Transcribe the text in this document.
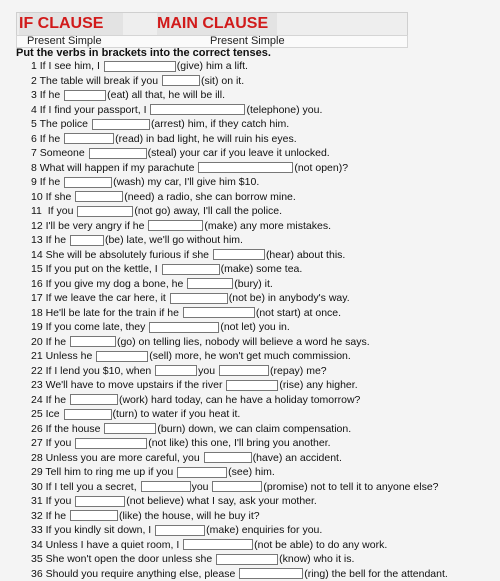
IF CLAUSE	MAIN CLAUSE
Present Simple	Present Simple
Put the verbs in brackets into the correct tenses.
1 If I see him, I	(give) him a lift.
2 The table will break if you	(sit) on it.
3 If he	(eat) all that, he will be ill.
4 If I find your passport, I	(telephone) you.
5 The police	(arrest) him, if they catch him.
6 If he	(read) in bad light, he will ruin his eyes.
7 Someone	(steal) your car if you leave it unlocked.
8 What will happen if my parachute	(not open)?
9 If he	(wash) my car, I'll give him $10.
10 If she	(need) a radio, she can borrow mine.
11  If you	(not go) away, I'll call the police.
12 I'll be very angry if he	(make) any more mistakes.
13 If he	(be) late, we'll go without him.
14 She will be absolutely furious if she	(hear) about this.
15 If you put on the kettle, I	(make) some tea.
16 If you give my dog a bone, he	(bury) it.
17 If we leave the car here, it	(not be) in anybody's way.
18 He'll be late for the train if he	(not start) at once.
19 If you come late, they	(not let) you in.
20 If he	(go) on telling lies, nobody will believe a word he says.
21 Unless he	(sell) more, he won't get much commission.
22 If I lend you $10, when	you	(repay) me?
23 We'll have to move upstairs if the river	(rise) any higher.
24 If he	(work) hard today, can he have a holiday tomorrow?
25 Ice	(turn) to water if you heat it.
26 If the house	(burn) down, we can claim compensation.
27 If you	(not like) this one, I'll bring you another.
28 Unless you are more careful, you	(have) an accident.
29 Tell him to ring me up if you	(see) him.
30 If I tell you a secret,	you	(promise) not to tell it to anyone else?
31 If you	(not believe) what I say, ask your mother.
32 If he	(like) the house, will he buy it?
33 If you kindly sit down, I	(make) enquiries for you.
34 Unless I have a quiet room, I	(not be able) to do any work.
35 She won't open the door unless she	(know) who it is.
36 Should you require anything else, please	(ring) the bell for the attendant.
